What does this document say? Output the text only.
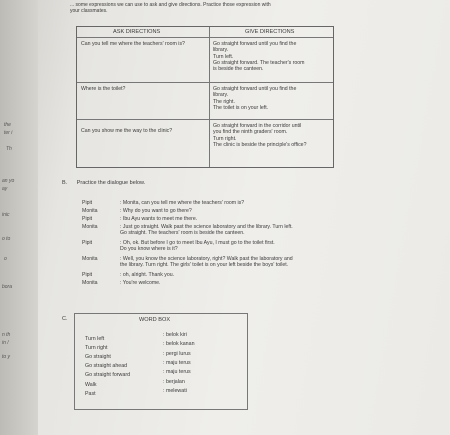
the
ter i
Th
an yo
ay
inic
o to
o
bora
n th
in /
to y
... some expressions we can use to ask and give directions. Practice those expression with
your classmates.
ASK DIRECTIONS	GIVE DIRECTIONS
Can you tell me where the teachers' room is?	Go straight forward until you find the
library.
Turn left.
Go straight forward. The teacher's room
is beside the canteen.
Where is the toilet?	Go straight forward until you find the
library.
The right.
The toilet is on your left.
Can you show me the way to the clinic?
Go straight forward in the corridor until
you find the ninth graders' room.
Turn right.
The clinic is beside the principle's office?
B. Practice the dialogue below.
Pipit	: Monita, can you tell me where the teachers' room is?
Monita	: Why do you want to go there?
Pipit	: Ibu Ayu wants to meet me there.
Monita	: Just go straight. Walk past the science laboratory and the library. Turn left.
Go straight. The teachers' room is beside the canteen.
Pipit	: Oh, ok. But before I go to meet Ibu Ayu, I must go to the toilet first.
Do you know where is it?
Monita	: Well, you know the science laboratory, right? Walk past the laboratory and
the library. Turn right. The girls' toilet is on your left beside the boys' toilet.
Pipit	: oh, alright. Thank you.
Monita	: You're welcome.
C.	WORD BOX
Turn left
: belok kiri
Turn right
: belok kanan
Go straight	: pergi lurus
Go straight ahead	: maju terus
Go straight forward	: maju terus
Walk	: berjalan
Past	: melewati
